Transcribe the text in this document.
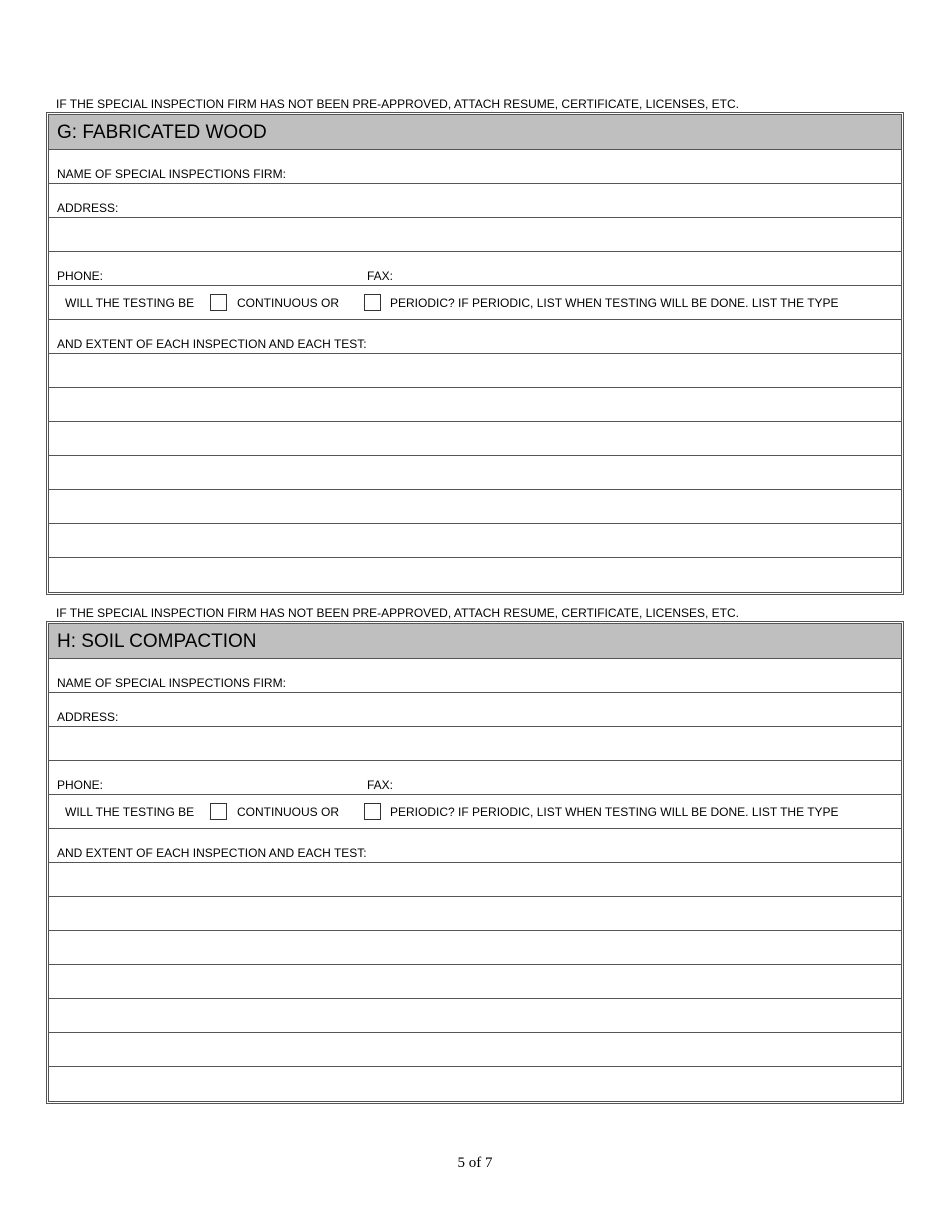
IF THE SPECIAL INSPECTION FIRM HAS NOT BEEN PRE-APPROVED, ATTACH RESUME, CERTIFICATE, LICENSES, ETC.
G: FABRICATED WOOD
NAME OF SPECIAL INSPECTIONS FIRM:
ADDRESS:
PHONE:	FAX:
WILL THE TESTING BE	CONTINUOUS OR	PERIODIC? IF PERIODIC, LIST WHEN TESTING WILL BE DONE. LIST THE TYPE
AND EXTENT OF EACH INSPECTION AND EACH TEST:
IF THE SPECIAL INSPECTION FIRM HAS NOT BEEN PRE-APPROVED, ATTACH RESUME, CERTIFICATE, LICENSES, ETC.
H: SOIL COMPACTION
NAME OF SPECIAL INSPECTIONS FIRM:
ADDRESS:
PHONE:	FAX:
WILL THE TESTING BE	CONTINUOUS OR	PERIODIC? IF PERIODIC, LIST WHEN TESTING WILL BE DONE. LIST THE TYPE
AND EXTENT OF EACH INSPECTION AND EACH TEST:
5 of 7
